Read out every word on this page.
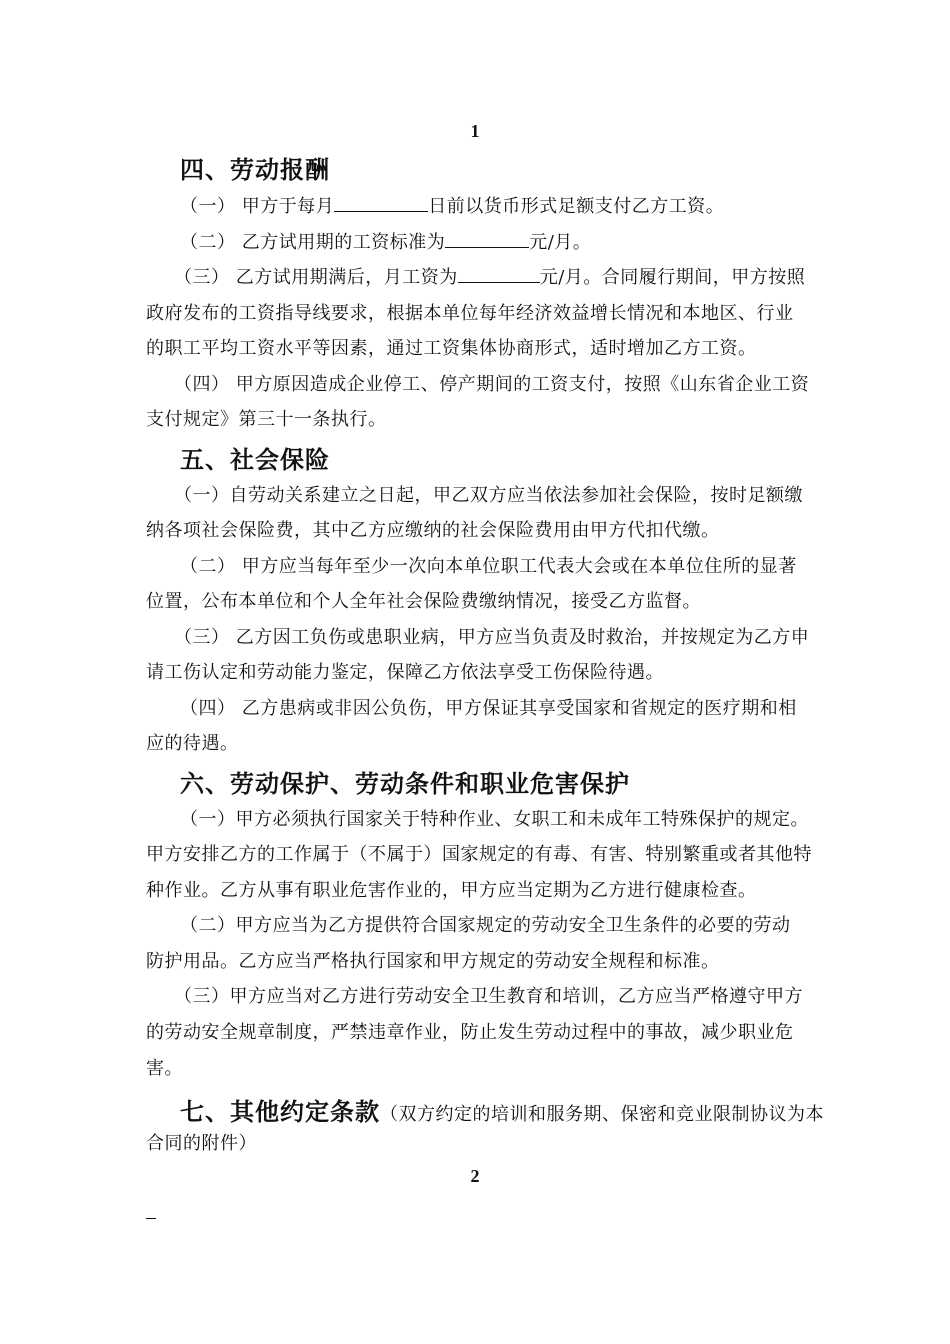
1
四、劳动报酬
（一） 甲方于每月	日前以货币形式足额支付乙方工资。
（二） 乙方试用期的工资标准为	元/月。
（三） 乙方试用期满后，月工资为	元/月。合同履行期间，甲方按照
政府发布的工资指导线要求，根据本单位每年经济效益增长情况和本地区、行业
的职工平均工资水平等因素，通过工资集体协商形式，适时增加乙方工资。
（四） 甲方原因造成企业停工、停产期间的工资支付，按照《山东省企业工资
支付规定》第三十一条执行。
五、社会保险
（一）自劳动关系建立之日起，甲乙双方应当依法参加社会保险，按时足额缴
纳各项社会保险费，其中乙方应缴纳的社会保险费用由甲方代扣代缴。
（二） 甲方应当每年至少一次向本单位职工代表大会或在本单位住所的显著
位置，公布本单位和个人全年社会保险费缴纳情况，接受乙方监督。
（三） 乙方因工负伤或患职业病，甲方应当负责及时救治，并按规定为乙方申
请工伤认定和劳动能力鉴定，保障乙方依法享受工伤保险待遇。
（四） 乙方患病或非因公负伤，甲方保证其享受国家和省规定的医疗期和相
应的待遇。
六、劳动保护、劳动条件和职业危害保护
（一）甲方必须执行国家关于特种作业、女职工和未成年工特殊保护的规定。
甲方安排乙方的工作属于（不属于）国家规定的有毒、有害、特别繁重或者其他特
种作业。乙方从事有职业危害作业的，甲方应当定期为乙方进行健康检查。
（二）甲方应当为乙方提供符合国家规定的劳动安全卫生条件的必要的劳动
防护用品。乙方应当严格执行国家和甲方规定的劳动安全规程和标准。
（三）甲方应当对乙方进行劳动安全卫生教育和培训，乙方应当严格遵守甲方
的劳动安全规章制度，严禁违章作业，防止发生劳动过程中的事故，减少职业危
害。
七、其他约定条款（双方约定的培训和服务期、保密和竞业限制协议为本
合同的附件）
2
